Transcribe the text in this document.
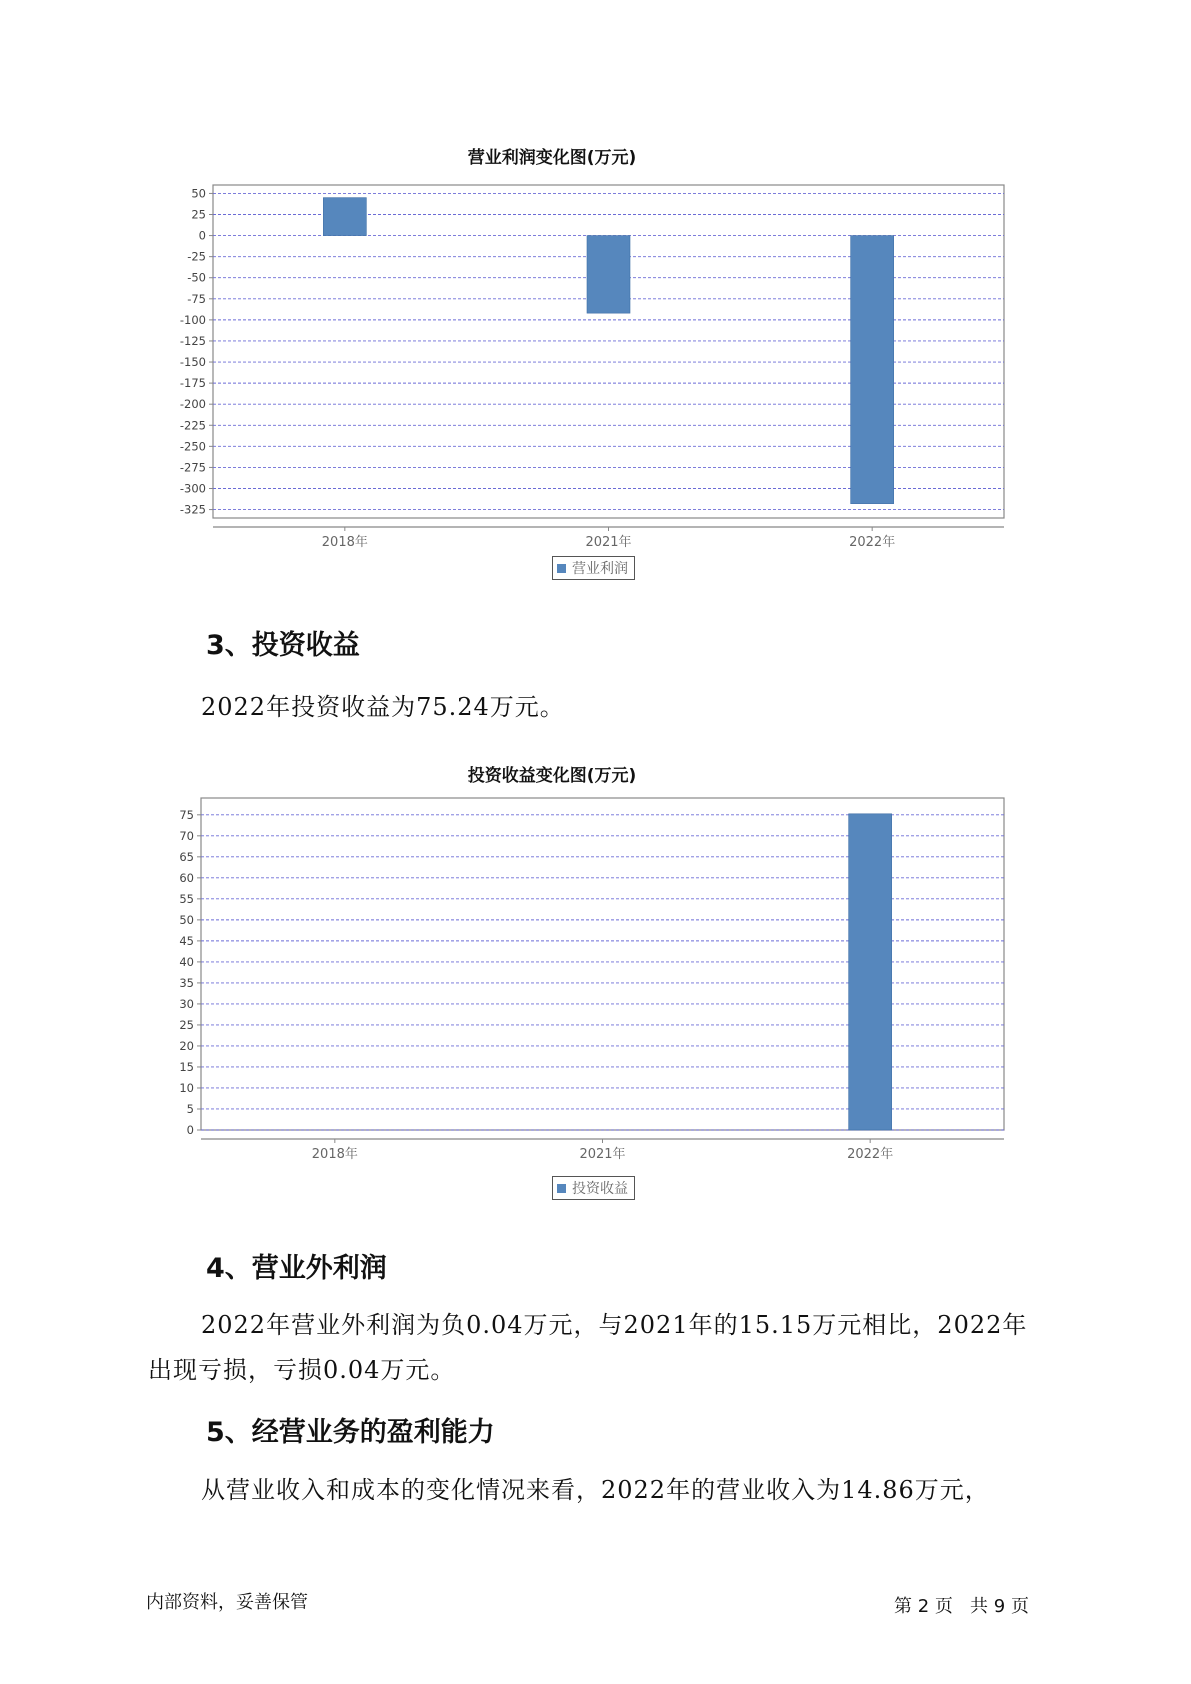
营业利润变化图(万元)
50
25
0
-25
-50
-75
-100
-125
-150
-175
-200
-225
-250
-275
-300
-325
2018年	2021年	2022年
营业利润
3、投资收益
2022年投资收益为75.24万元。
投资收益变化图(万元)
75
70
65
60
55
50
45
40
35
30
25
20
15
10
5
0
2018年	2021年	2022年
投资收益
4、营业外利润
2022年营业外利润为负0.04万元，与2021年的15.15万元相比，2022年
出现亏损，亏损0.04万元。
5、经营业务的盈利能力
从营业收入和成本的变化情况来看，2022年的营业收入为14.86万元，
内部资料，妥善保管	第 2 页   共 9 页
